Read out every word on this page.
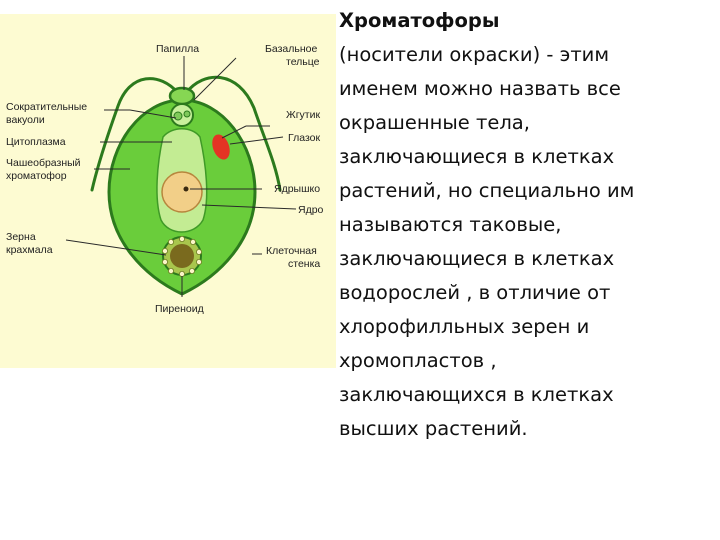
Папилла	Базальное
тельце
Сократительные
вакуоли	Жгутик
Глазок
Цитоплазма
Чашеобразный
хроматофор
Ядрышко
Ядро
Зерна
крахмала	Клеточная
стенка
Пиреноид
Хроматофоры
(носители окраски) - этим
именем можно назвать все
окрашенные тела,
заключающиеся в клетках
растений, но специально им
называются таковые,
заключающиеся в клетках
водорослей , в отличие от
хлорофилльных зерен и
хромопластов ,
заключающихся в клетках
высших растений.
